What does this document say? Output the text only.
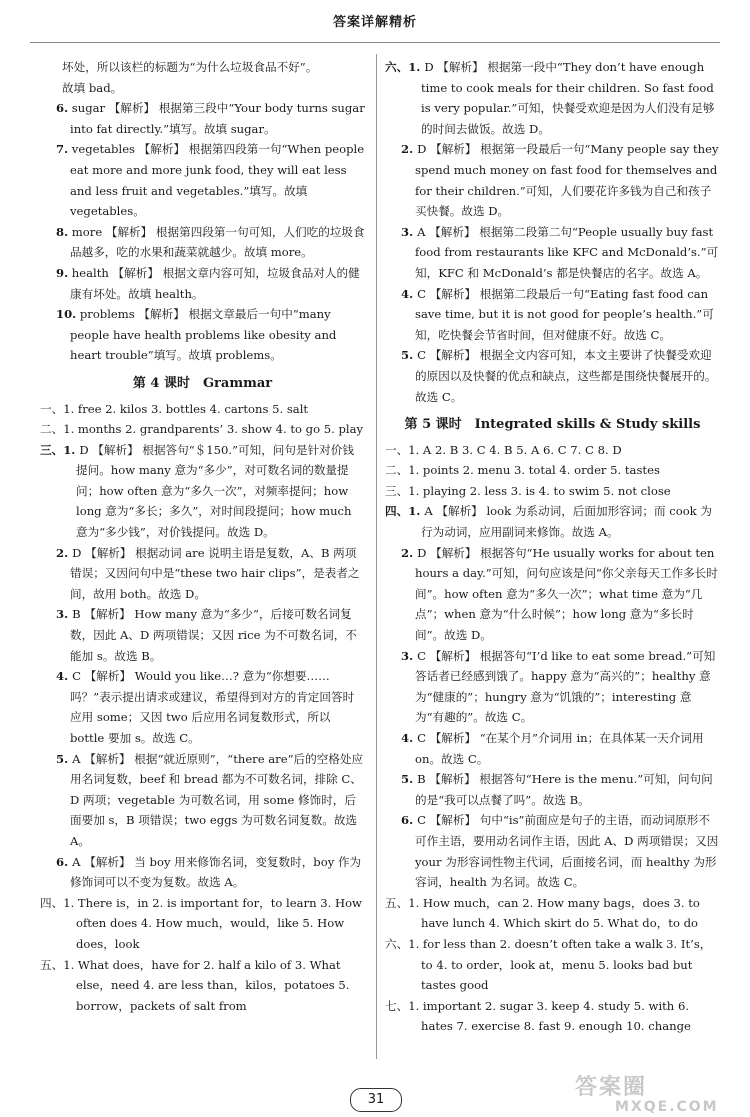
答案详解精析

坏处，所以该栏的标题为“为什么垃圾食品不好”。

故填 bad。

6. sugar 【解析】 根据第三段中“Your body turns sugar into fat directly.”填写。故填 sugar。

7. vegetables 【解析】 根据第四段第一句“When people eat more and more junk food, they will eat less and less fruit and vegetables.”填写。故填 vegetables。

8. more 【解析】 根据第四段第一句可知，人们吃的垃圾食品越多，吃的水果和蔬菜就越少。故填 more。

9. health 【解析】 根据文章内容可知，垃圾食品对人的健康有坏处。故填 health。

10. problems 【解析】 根据文章最后一句中“many people have health problems like obesity and heart trouble”填写。故填 problems。

第 4 课时　Grammar

一、1. free 2. kilos 3. bottles 4. cartons 5. salt

二、1. months 2. grandparents’ 3. show 4. to go 5. play

三、1. D 【解析】 根据答句“＄150.”可知，问句是针对价钱提问。how many 意为“多少”，对可数名词的数量提问；how often 意为“多久一次”，对频率提问；how long 意为“多长；多久”，对时间段提问；how much 意为“多少钱”，对价钱提问。故选 D。

2. D 【解析】 根据动词 are 说明主语是复数，A、B 两项错误；又因问句中是“these two hair clips”，是表者之间，故用 both。故选 D。

3. B 【解析】 How many 意为“多少”，后接可数名词复数，因此 A、D 两项错误；又因 rice 为不可数名词，不能加 s。故选 B。

4. C 【解析】 Would you like…? 意为“你想要……吗？”表示提出请求或建议，希望得到对方的肯定回答时应用 some；又因 two 后应用名词复数形式，所以 bottle 要加 s。故选 C。

5. A 【解析】 根据“就近原则”，“there are”后的空格处应用名词复数，beef 和 bread 都为不可数名词，排除 C、D 两项；vegetable 为可数名词，用 some 修饰时，后面要加 s，B 项错误；two eggs 为可数名词复数。故选 A。

6. A 【解析】 当 boy 用来修饰名词，变复数时，boy 作为修饰词可以不变为复数。故选 A。

四、1. There is，in 2. is important for，to learn 3. How often does 4. How much，would，like 5. How does，look

五、1. What does，have for 2. half a kilo of 3. What else，need 4. are less than，kilos，potatoes 5. borrow，packets of salt from

六、1. D 【解析】 根据第一段中“They don’t have enough time to cook meals for their children. So fast food is very popular.”可知，快餐受欢迎是因为人们没有足够的时间去做饭。故选 D。

2. D 【解析】 根据第一段最后一句“Many people say they spend much money on fast food for themselves and for their children.”可知，人们要花许多钱为自己和孩子买快餐。故选 D。

3. A 【解析】 根据第二段第二句“People usually buy fast food from restaurants like KFC and McDonald’s.”可知，KFC 和 McDonald’s 都是快餐店的名字。故选 A。

4. C 【解析】 根据第二段最后一句“Eating fast food can save time, but it is not good for people’s health.”可知，吃快餐会节省时间，但对健康不好。故选 C。

5. C 【解析】 根据全文内容可知，本文主要讲了快餐受欢迎的原因以及快餐的优点和缺点，这些都是围绕快餐展开的。故选 C。

第 5 课时　Integrated skills & Study skills

一、1. A 2. B 3. C 4. B 5. A 6. C 7. C 8. D

二、1. points 2. menu 3. total 4. order 5. tastes

三、1. playing 2. less 3. is 4. to swim 5. not close

四、1. A 【解析】 look 为系动词，后面加形容词；而 cook 为行为动词，应用副词来修饰。故选 A。

2. D 【解析】 根据答句“He usually works for about ten hours a day.”可知，问句应该是问“你父亲每天工作多长时间”。how often 意为“多久一次”；what time 意为“几点”；when 意为“什么时候”；how long 意为“多长时间”。故选 D。

3. C 【解析】 根据答句“I’d like to eat some bread.”可知答话者已经感到饿了。happy 意为“高兴的”；healthy 意为“健康的”；hungry 意为“饥饿的”；interesting 意为“有趣的”。故选 C。

4. C 【解析】 “在某个月”介词用 in；在具体某一天介词用 on。故选 C。

5. B 【解析】 根据答句“Here is the menu.”可知，问句问的是“我可以点餐了吗”。故选 B。

6. C 【解析】 句中“is”前面应是句子的主语，而动词原形不可作主语，要用动名词作主语，因此 A、D 两项错误；又因 your 为形容词性物主代词，后面接名词，而 healthy 为形容词，health 为名词。故选 C。

五、1. How much，can 2. How many bags，does 3. to have lunch 4. Which skirt do 5. What do，to do

六、1. for less than 2. doesn’t often take a walk 3. It’s，to 4. to order，look at，menu 5. looks bad but tastes good

七、1. important 2. sugar 3. keep 4. study 5. with 6. hates 7. exercise 8. fast 9. enough 10. change

31	答案圈
MXQE.COM
